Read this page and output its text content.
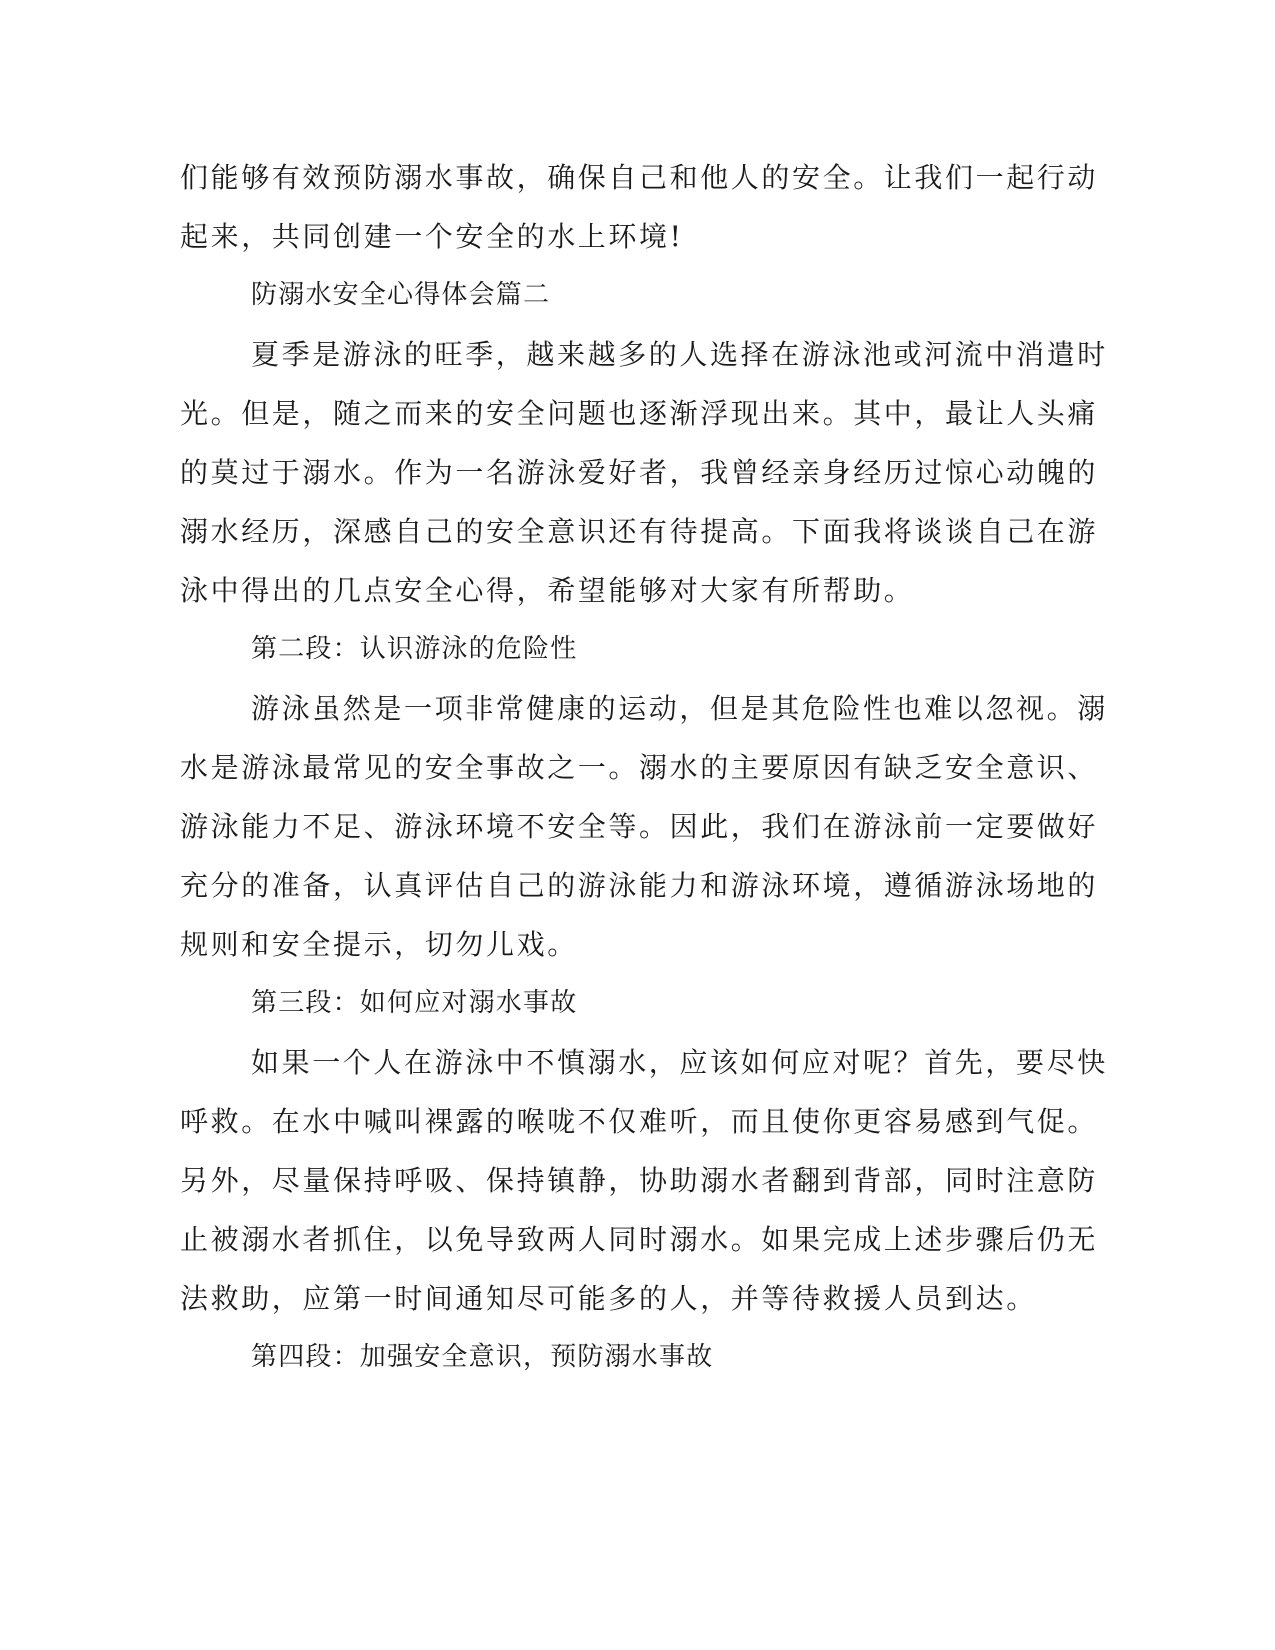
们能够有效预防溺水事故，确保自己和他人的安全。让我们一起行动
起来，共同创建一个安全的水上环境!
防溺水安全心得体会篇二
夏季是游泳的旺季，越来越多的人选择在游泳池或河流中消遣时
光。但是，随之而来的安全问题也逐渐浮现出来。其中，最让人头痛
的莫过于溺水。作为一名游泳爱好者，我曾经亲身经历过惊心动魄的
溺水经历，深感自己的安全意识还有待提高。下面我将谈谈自己在游
泳中得出的几点安全心得，希望能够对大家有所帮助。
第二段：认识游泳的危险性
游泳虽然是一项非常健康的运动，但是其危险性也难以忽视。溺
水是游泳最常见的安全事故之一。溺水的主要原因有缺乏安全意识、
游泳能力不足、游泳环境不安全等。因此，我们在游泳前一定要做好
充分的准备，认真评估自己的游泳能力和游泳环境，遵循游泳场地的
规则和安全提示，切勿儿戏。
第三段：如何应对溺水事故
如果一个人在游泳中不慎溺水，应该如何应对呢？首先，要尽快
呼救。在水中喊叫裸露的喉咙不仅难听，而且使你更容易感到气促。
另外，尽量保持呼吸、保持镇静，协助溺水者翻到背部，同时注意防
止被溺水者抓住，以免导致两人同时溺水。如果完成上述步骤后仍无
法救助，应第一时间通知尽可能多的人，并等待救援人员到达。
第四段：加强安全意识，预防溺水事故
